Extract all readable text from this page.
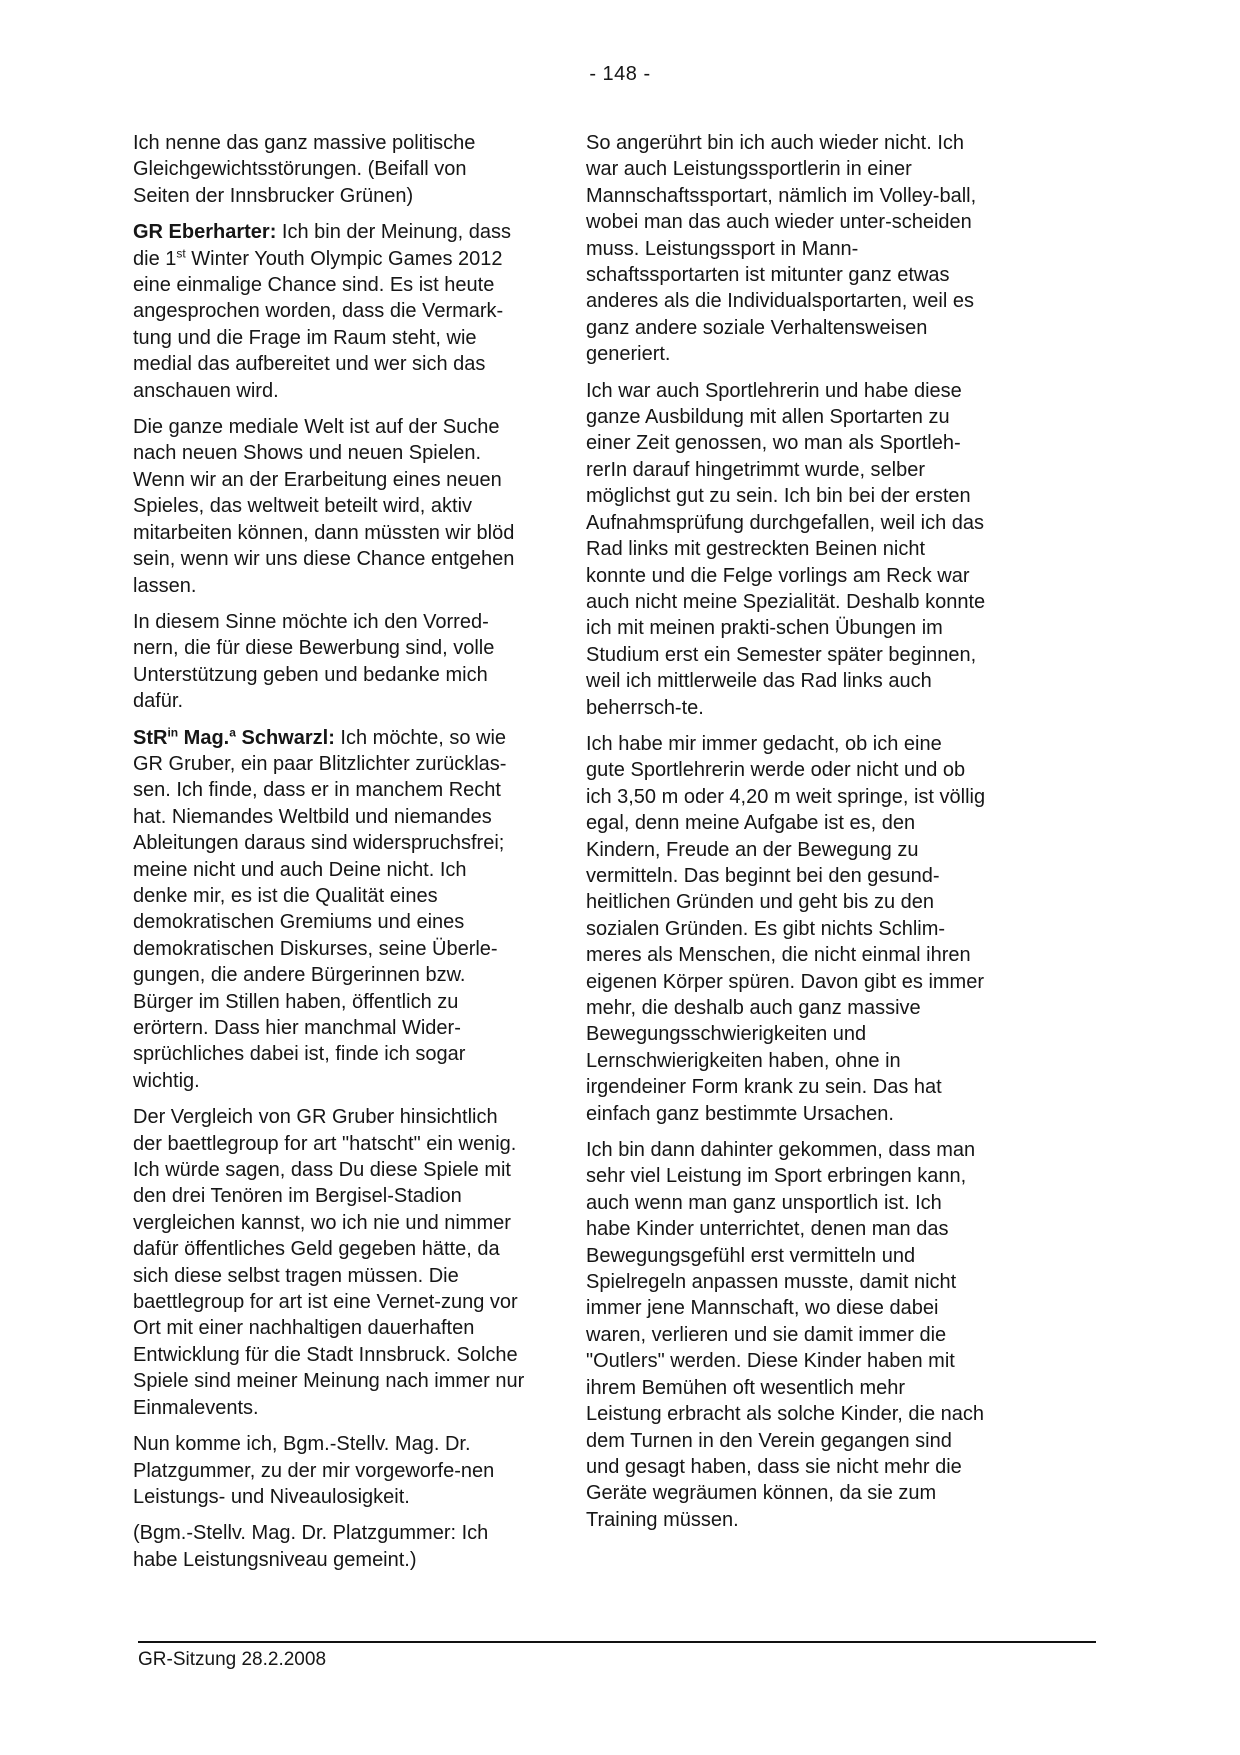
- 148 -

Ich nenne das ganz massive politische Gleichgewichtsstörungen. (Beifall von Seiten der Innsbrucker Grünen)

GR Eberharter: Ich bin der Meinung, dass die 1st Winter Youth Olympic Games 2012 eine einmalige Chance sind. Es ist heute angesprochen worden, dass die Vermark-tung und die Frage im Raum steht, wie medial das aufbereitet und wer sich das anschauen wird.

Die ganze mediale Welt ist auf der Suche nach neuen Shows und neuen Spielen. Wenn wir an der Erarbeitung eines neuen Spieles, das weltweit beteilt wird, aktiv mitarbeiten können, dann müssten wir blöd sein, wenn wir uns diese Chance entgehen lassen.

In diesem Sinne möchte ich den Vorred-nern, die für diese Bewerbung sind, volle Unterstützung geben und bedanke mich dafür.

StR$^{in}$ Mag.$^a$ Schwarzl: Ich möchte, so wie GR Gruber, ein paar Blitzlichter zurücklas-sen. Ich finde, dass er in manchem Recht hat. Niemandes Weltbild und niemandes Ableitungen daraus sind widerspruchsfrei; meine nicht und auch Deine nicht. Ich denke mir, es ist die Qualität eines demokratischen Gremiums und eines demokratischen Diskurses, seine Überle-gungen, die andere Bürgerinnen bzw. Bürger im Stillen haben, öffentlich zu erörtern. Dass hier manchmal Wider-sprüchliches dabei ist, finde ich sogar wichtig.

Der Vergleich von GR Gruber hinsichtlich der baettlegroup for art "hatscht" ein wenig. Ich würde sagen, dass Du diese Spiele mit den drei Tenören im Bergisel-Stadion vergleichen kannst, wo ich nie und nimmer dafür öffentliches Geld gegeben hätte, da sich diese selbst tragen müssen. Die baettlegroup for art ist eine Vernet-zung vor Ort mit einer nachhaltigen dauerhaften Entwicklung für die Stadt Innsbruck. Solche Spiele sind meiner Meinung nach immer nur Einmalevents.

Nun komme ich, Bgm.-Stellv. Mag. Dr. Platzgummer, zu der mir vorgeworfe-nen Leistungs- und Niveaulosigkeit.

(Bgm.-Stellv. Mag. Dr. Platzgummer: Ich habe Leistungsniveau gemeint.)

So angerührt bin ich auch wieder nicht. Ich war auch Leistungssportlerin in einer Mannschaftssportart, nämlich im Volley-ball, wobei man das auch wieder unter-scheiden muss. Leistungssport in Mann-schaftssportarten ist mitunter ganz etwas anderes als die Individualsportarten, weil es ganz andere soziale Verhaltensweisen generiert.

Ich war auch Sportlehrerin und habe diese ganze Ausbildung mit allen Sportarten zu einer Zeit genossen, wo man als Sportleh-rerIn darauf hingetrimmt wurde, selber möglichst gut zu sein. Ich bin bei der ersten Aufnahmsprüfung durchgefallen, weil ich das Rad links mit gestreckten Beinen nicht konnte und die Felge vorlings am Reck war auch nicht meine Spezialität. Deshalb konnte ich mit meinen prakti-schen Übungen im Studium erst ein Semester später beginnen, weil ich mittlerweile das Rad links auch beherrsch-te.

Ich habe mir immer gedacht, ob ich eine gute Sportlehrerin werde oder nicht und ob ich 3,50 m oder 4,20 m weit springe, ist völlig egal, denn meine Aufgabe ist es, den Kindern, Freude an der Bewegung zu vermitteln. Das beginnt bei den gesund-heitlichen Gründen und geht bis zu den sozialen Gründen. Es gibt nichts Schlim-meres als Menschen, die nicht einmal ihren eigenen Körper spüren. Davon gibt es immer mehr, die deshalb auch ganz massive Bewegungsschwierigkeiten und Lernschwierigkeiten haben, ohne in irgendeiner Form krank zu sein. Das hat einfach ganz bestimmte Ursachen.

Ich bin dann dahinter gekommen, dass man sehr viel Leistung im Sport erbringen kann, auch wenn man ganz unsportlich ist. Ich habe Kinder unterrichtet, denen man das Bewegungsgefühl erst vermitteln und Spielregeln anpassen musste, damit nicht immer jene Mannschaft, wo diese dabei waren, verlieren und sie damit immer die "Outlers" werden. Diese Kinder haben mit ihrem Bemühen oft wesentlich mehr Leistung erbracht als solche Kinder, die nach dem Turnen in den Verein gegangen sind und gesagt haben, dass sie nicht mehr die Geräte wegräumen können, da sie zum Training müssen.

GR-Sitzung 28.2.2008
